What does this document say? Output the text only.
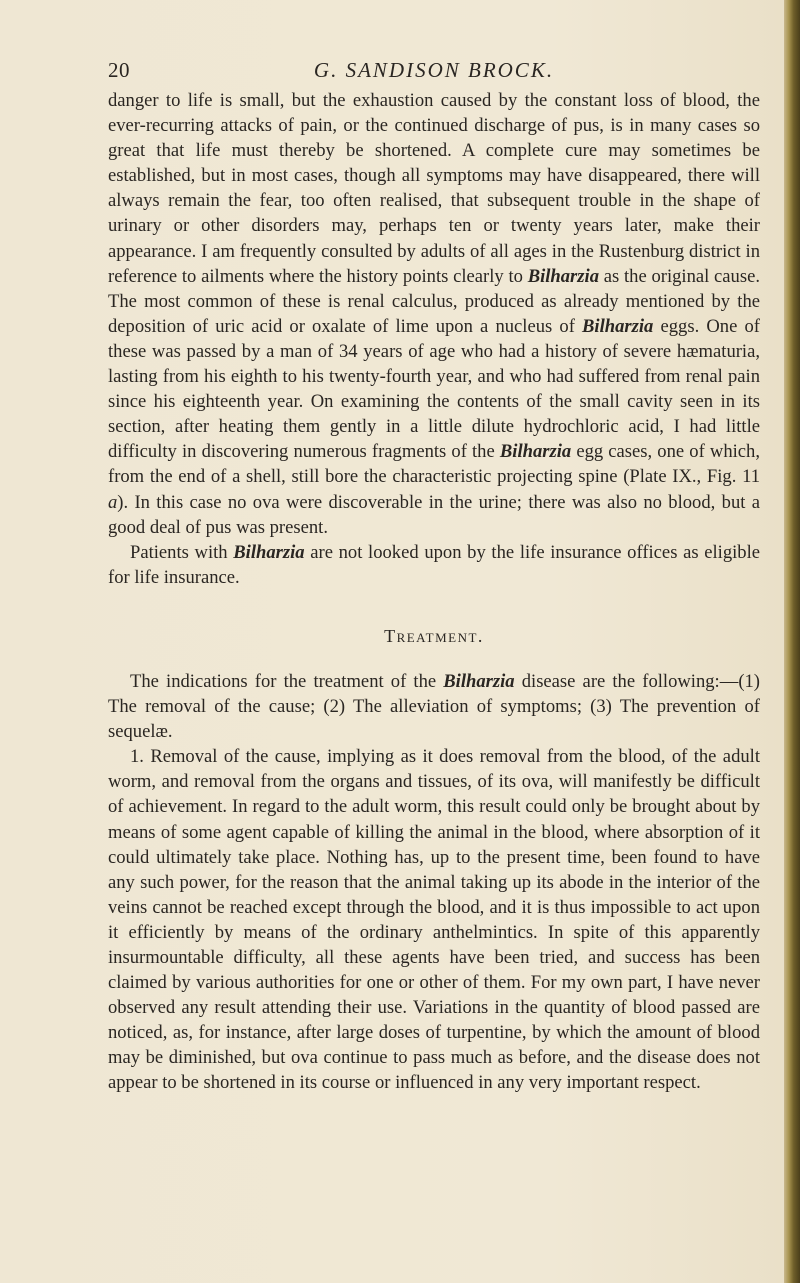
20	G. SANDISON BROCK.

danger to life is small, but the exhaustion caused by the constant loss of blood, the ever-recurring attacks of pain, or the continued discharge of pus, is in many cases so great that life must thereby be shortened. A complete cure may sometimes be established, but in most cases, though all symptoms may have disappeared, there will always remain the fear, too often realised, that subsequent trouble in the shape of urinary or other disorders may, perhaps ten or twenty years later, make their appearance. I am frequently consulted by adults of all ages in the Rustenburg district in reference to ailments where the history points clearly to Bilharzia as the original cause. The most common of these is renal calculus, produced as already mentioned by the deposition of uric acid or oxalate of lime upon a nucleus of Bilharzia eggs. One of these was passed by a man of 34 years of age who had a history of severe hæmaturia, lasting from his eighth to his twenty-fourth year, and who had suffered from renal pain since his eighteenth year. On examining the contents of the small cavity seen in its section, after heating them gently in a little dilute hydrochloric acid, I had little difficulty in discovering numerous fragments of the Bilharzia egg cases, one of which, from the end of a shell, still bore the characteristic projecting spine (Plate IX., Fig. 11 a). In this case no ova were discoverable in the urine; there was also no blood, but a good deal of pus was present.

Patients with Bilharzia are not looked upon by the life insurance offices as eligible for life insurance.

Treatment.

The indications for the treatment of the Bilharzia disease are the following:—(1) The removal of the cause; (2) The alleviation of symptoms; (3) The prevention of sequelæ.

1. Removal of the cause, implying as it does removal from the blood, of the adult worm, and removal from the organs and tissues, of its ova, will manifestly be difficult of achievement. In regard to the adult worm, this result could only be brought about by means of some agent capable of killing the animal in the blood, where absorption of it could ultimately take place. Nothing has, up to the present time, been found to have any such power, for the reason that the animal taking up its abode in the interior of the veins cannot be reached except through the blood, and it is thus impossible to act upon it efficiently by means of the ordinary anthelmintics. In spite of this apparently insurmountable difficulty, all these agents have been tried, and success has been claimed by various authorities for one or other of them. For my own part, I have never observed any result attending their use. Variations in the quantity of blood passed are noticed, as, for instance, after large doses of turpentine, by which the amount of blood may be diminished, but ova continue to pass much as before, and the disease does not appear to be shortened in its course or influenced in any very important respect.
